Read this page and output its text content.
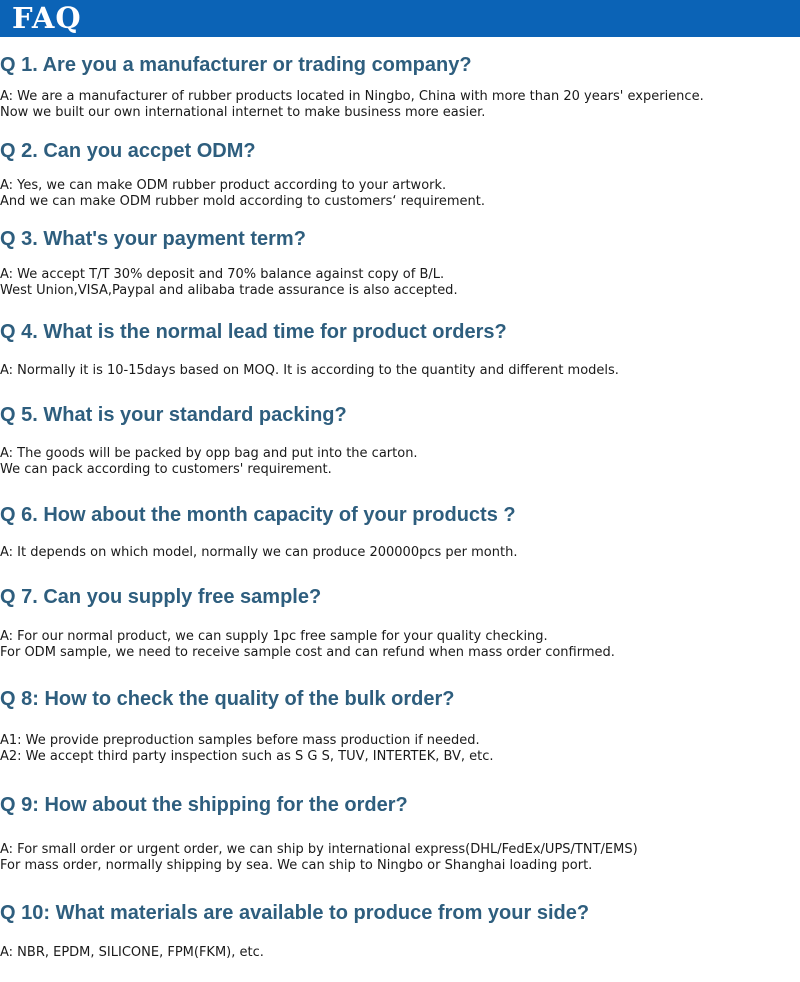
FAQ
Q 1. Are you a manufacturer or trading company?
A: We are a manufacturer of rubber products located in Ningbo, China with more than 20 years' experience.
Now we built our own international internet to make business more easier.
Q 2. Can you accpet ODM?
A: Yes, we can make ODM rubber product according to your artwork.
And we can make ODM rubber mold according to customers‘ requirement.
Q 3. What's your payment term?
A: We accept T/T 30% deposit and 70% balance against copy of B/L.
West Union,VISA,Paypal and alibaba trade assurance is also accepted.
Q 4. What is the normal lead time for product orders?
A: Normally it is 10-15days based on MOQ. It is according to the quantity and different models.
Q 5. What is your standard packing?
A: The goods will be packed by opp bag and put into the carton.
We can pack according to customers' requirement.
Q 6. How about the month capacity of your products ?
A: It depends on which model, normally we can produce 200000pcs per month.
Q 7. Can you supply free sample?
A: For our normal product, we can supply 1pc free sample for your quality checking.
For ODM sample, we need to receive sample cost and can refund when mass order confirmed.
Q 8: How to check the quality of the bulk order?
A1: We provide preproduction samples before mass production if needed.
A2: We accept third party inspection such as S G S, TUV, INTERTEK, BV, etc.
Q 9: How about the shipping for the order?
A: For small order or urgent order, we can ship by international express(DHL/FedEx/UPS/TNT/EMS)
For mass order, normally shipping by sea. We can ship to Ningbo or Shanghai loading port.
Q 10: What materials are available to produce from your side?
A: NBR, EPDM, SILICONE, FPM(FKM), etc.
